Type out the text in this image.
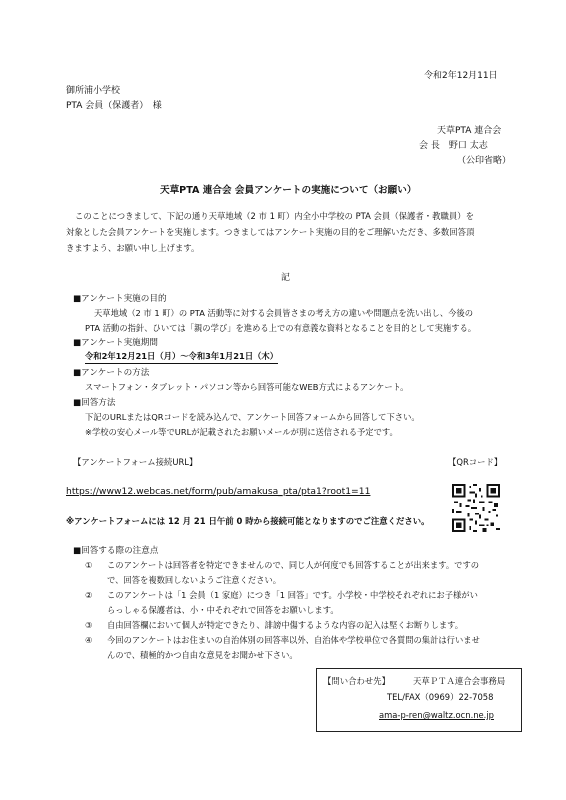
令和2年12月11日
御所浦小学校
PTA 会員（保護者）　様
天草PTA 連合会
会 長　野口 太志
（公印省略）
天草PTA 連合会 会員アンケートの実施について（お願い）
このことにつきまして、下記の通り天草地域（2 市 1 町）内全小中学校の PTA 会員（保護者・教職員）を
対象とした会員アンケートを実施します。つきましてはアンケート実施の目的をご理解いただき、多数回答頂
きますよう、お願い申し上げます。
記
■アンケート実施の目的
天草地域（2 市 1 町）の PTA 活動等に対する会員皆さまの考え方の違いや問題点を洗い出し、今後の
PTA 活動の指針、ひいては「親の学び」を進める上での有意義な資料となることを目的として実施する。
■アンケート実施期間
令和2年12月21日（月）〜令和3年1月21日（木）
■アンケートの方法
スマートフォン・タブレット・パソコン等から回答可能なWEB方式によるアンケート。
■回答方法
下記のURLまたはQRコードを読み込んで、アンケート回答フォームから回答して下さい。
※学校の安心メール等でURLが記載されたお願いメールが別に送信される予定です。
【アンケートフォーム接続URL】	【QRコード】
https://www12.webcas.net/form/pub/amakusa_pta/pta1?root1=11
※アンケートフォームには 12 月 21 日午前 0 時から接続可能となりますのでご注意ください。
■回答する際の注意点
① このアンケートは回答者を特定できませんので、同じ人が何度でも回答することが出来ます。ですの
で、回答を複数回しないようご注意ください。
② このアンケートは「1 会員（1 家庭）につき「1 回答」です。小学校・中学校それぞれにお子様がい
らっしゃる保護者は、小・中それぞれで回答をお願いします。
③ 自由回答欄において個人が特定できたり、誹謗中傷するような内容の記入は堅くお断りします。
④ 今回のアンケートはお住まいの自治体別の回答率以外、自治体や学校単位で各質問の集計は行いませ
んので、積極的かつ自由な意見をお聞かせ下さい。
【問い合わせ先】	天草ＰＴＡ連合会事務局
TEL/FAX（0969）22-7058
ama-p-ren@waltz.ocn.ne.jp
